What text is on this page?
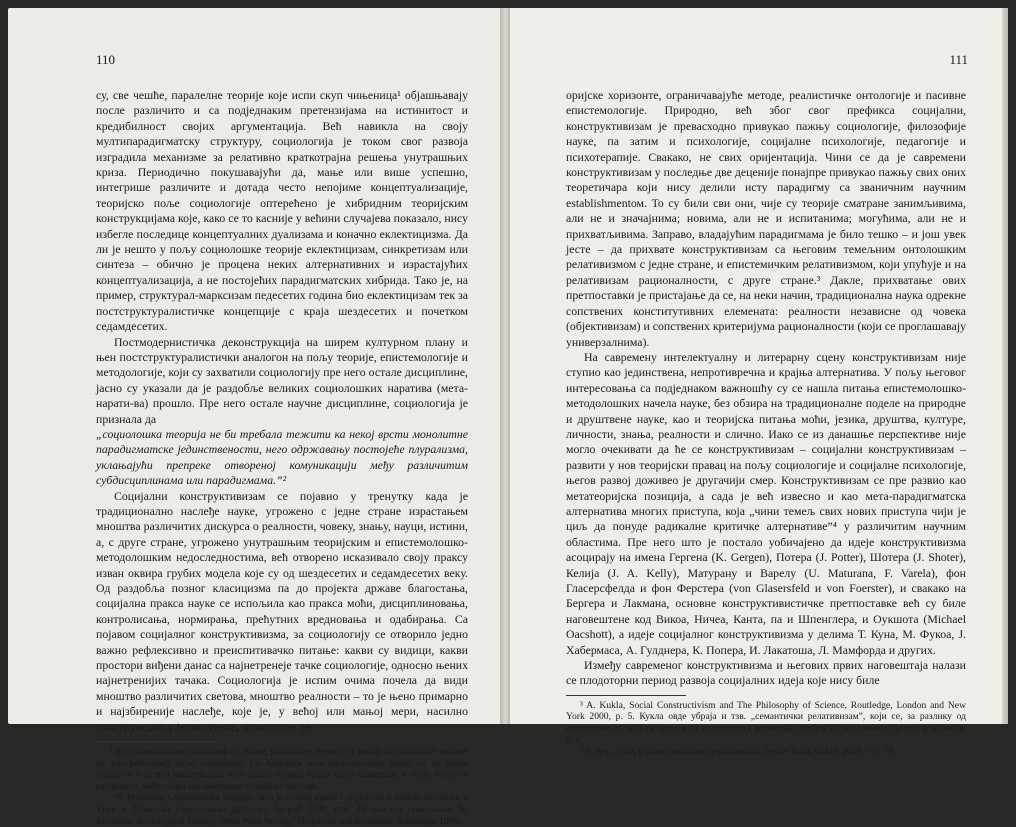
110

су, све чешће, паралелне теорије које испи скуп чињеница¹ објашњавају после различито и са подједнаким претензијама на истинитост и кредибилност својих аргументација. Већ навикла на своју мултипарадигматску структуру, социологија је током свог развоја изградила механизме за релативно краткотрајна решења унутрашњих криза. Периодично покушавајући да, мање или више успешно, интегрише различите и дотада често непојиме концептуализације, теоријско поље социологије оптерећено је хибридним теоријским конструкцијама које, како се то касније у већини случајева показало, нису избегле последице концептуалних дуализама и коначно еклектицизма. Да ли је нешто у пољу социолошке теорије еклектицизам, синкретизам или синтеза – обично је процена неких алтернативних и израстајућих концептуализација, а не постојећих парадигматских хибрида. Тако је, на пример, структурал-марксизам педесетих година био еклектицизам тек за постструктуралистичке концепције с краја шездесетих и почетком седамдесетих.

Постмодернистичка деконструкција на ширем културном плану и њен постструктуралистички аналогон на пољу теорије, епистемологије и методологије, који су захватили социологију пре него остале дисциплине, јасно су указали да је раздобље великих социолошких наратива (мета-нарати-ва) прошло. Пре него остале научне дисциплине, социологија је признала да

„социолошка теорија не би требала тежити ка некој врсти монолитне парадигматске јединствености, него одржавању постојеће плурализма, уклањајући препреке отвореној комуникацији међу различитим субдисциплинама или парадигмама.”²

Социјални конструктивизам се појавио у тренутку када је традиционално наслеђе науке, угрожено с једне стране израстањем мноштва различитих дискурса о реалности, човеку, знању, науци, истини, а, с друге стране, угрожено унутрашњим теоријским и епистемолошко-методолошким недоследностима, већ отворено исказивало своју праксу изван оквира грубих модела које су од шездесетих и седамдесетих веку. Од раздобља позног класицизма па до пројекта државе благостања, социјална пракса науке се испољила као пракса моћи, дисциплиновања, контролисања, нормирања, прећутних вредновања и одабирања. Са појавом социјалног конструктивизма, за социологију се отворило једно важно рефлексивно и преиспитивачко питање: какви су видици, какви простори виђени данас са најнетренеје тачке социологије, односно њених најнетренијих тачака. Социологија је испим очима почела да види мноштво различитих светова, мноштво реалности – то је њено примарно и најзбиреније наслеђе, које је, у већој или мањој мери, насилно конструисано у јединствене, монолитне те-

¹ За традиционалну филозофију науке, различите теорије су могле на различите начине да употребљавају исте чињенице. Са Куновим конструктивизмом више се не може говорити о истим чињеницама него свака теорија гради своје чињенице и своје потпуно различите, међусобно несамерљиве теоријске светове.

² N. Mouzelis, Социолошка теорија: шта је пошло криво? дијагноза и помоћ, Јесенски и Турк и Хрватско социолошко друштво, Загреб 2000, стр. 32 (наслов оригинала: N. Mouzelis, Sociological Theory: What Went Wrong? Diagnosis and Remedies, Routledge 1995).

111

оријске хоризонте, ограничавајуће методе, реалистичке онтологије и пасивне епистемологије. Природно, већ због свог префикса социјални, конструктивизам је превасходно привукао пажњу социологије, филозофије науке, па затим и психологије, социјалне психологије, педагогије и психотерапије. Свакако, не свих оријентација. Чини се да је савремени конструктивизам у последње две деценије понајпре привукао пажњу свих оних теоретичара који нису делили исту парадигму са званичним научним establishmentом. То су били сви они, чије су теорије сматране занимљивима, али не и значајнима; новима, али не и испитанима; могућима, али не и прихватљивима. Заправо, владајућим парадигмама је било тешко – и још увек јесте – да прихвате конструктивизам са његовим темељним онтолошким релативизмом с једне стране, и епистемичким релативизмом, који упућује и на релативизам рационалности, с друге стране.³ Дакле, прихватање ових претпоставки је пристајање да се, на неки начин, традиционална наука одрекне сопствених конститутивних елемената: реалности независне од човека (објективизам) и сопствених критеријума рационалности (који се проглашавају универзалнима).

На савремену интелектуалну и литерарну сцену конструктивизам није ступио као јединствена, непротивречна и крајња алтернатива. У пољу његовог интересовања са подједнаком важношћу су се нашла питања епистемолошко-методолошких начела науке, без обзира на традиционалне поделе на природне и друштвене науке, као и теоријска питања моћи, језика, друштва, културе, личности, знања, реалности и слично. Иако се из данашње перспективе није могло очекивати да ће се конструктивизам – социјални конструктивизам – развити у нов теоријски правац на пољу социологије и социјалне психологије, његов развој доживео је другачији смер. Конструктивизам се пре развио као метатеоријска позиција, а сада је већ извесно и као мета-парадигматска алтернатива многих приступа, која „чини темељ свих нових приступа чији је циљ да понуде радикалне критичке алтернативе”⁴ у различитим научним областима. Пре него што је постало уобичајено да идеје конструктивизма асоцирају на имена Гергена (K. Gergen), Потера (J. Potter), Шотера (J. Shoter), Келија (J. A. Kelly), Матурану и Варелу (U. Maturana, F. Varela), фон Гласерсфелда и фон Ферстера (von Glasersfeld и von Foerster), и свакако на Бергера и Лакмана, основне конструктивистичке претпоставке већ су биле наговештене код Викоа, Ничеа, Канта, па и Шпенглера, и Оукшота (Michael Oacshott), а идеје социјалног конструктивизма у делима Т. Куна, М. Фукоа, Ј. Хабермаса, А. Гулднера, К. Попера, И. Лакатоша, Л. Мамфорда и других.

Између савременог конструктивизма и његових првих наговештаја налази се плодоторни период развоја социјалних идеја које нису биле

³ A. Kukla, Social Constructivism and The Philosophy of Science, Routledge, London and New York 2000, p. 5. Кукла овде убраја и тзв. „семантички релативизам”, који се, за разлику од епистемичког, који се односи на релативност веровања, односи на релативност језика и значења, p. 6.

³ В. Бер, Увод у социјални конструктивизам, Zepter Book World, 2001, стр. 31.
